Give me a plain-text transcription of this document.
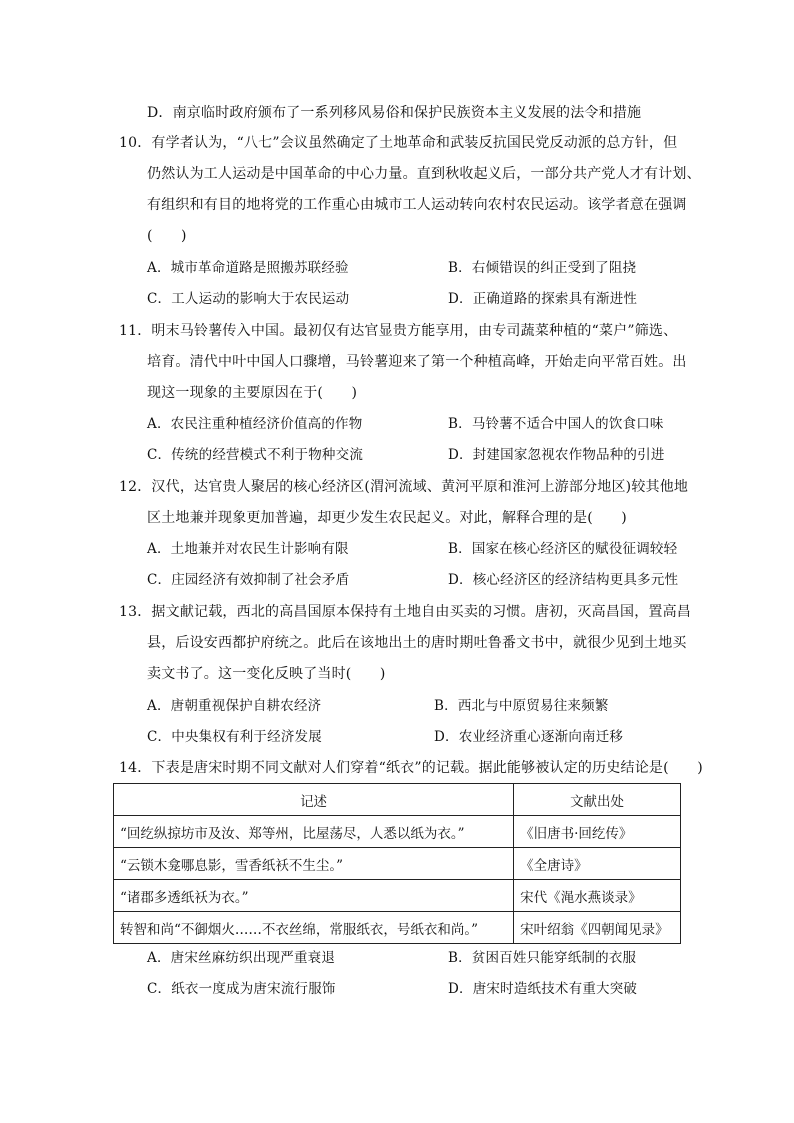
D．南京临时政府颁布了一系列移风易俗和保护民族资本主义发展的法令和措施
10．有学者认为，“八七”会议虽然确定了土地革命和武装反抗国民党反动派的总方针，但
仍然认为工人运动是中国革命的中心力量。直到秋收起义后，一部分共产党人才有计划、
有组织和有目的地将党的工作重心由城市工人运动转向农村农民运动。该学者意在强调
(　　)
A．城市革命道路是照搬苏联经验	B．右倾错误的纠正受到了阻挠
C．工人运动的影响大于农民运动	D．正确道路的探索具有渐进性
11．明末马铃薯传入中国。最初仅有达官显贵方能享用，由专司蔬菜种植的“菜户”筛选、
培育。清代中叶中国人口骤增，马铃薯迎来了第一个种植高峰，开始走向平常百姓。出
现这一现象的主要原因在于(　　)
A．农民注重种植经济价值高的作物	B．马铃薯不适合中国人的饮食口味
C．传统的经营模式不利于物种交流	D．封建国家忽视农作物品种的引进
12．汉代，达官贵人聚居的核心经济区(渭河流域、黄河平原和淮河上游部分地区)较其他地
区土地兼并现象更加普遍，却更少发生农民起义。对此，解释合理的是(　　)
A．土地兼并对农民生计影响有限	B．国家在核心经济区的赋役征调较轻
C．庄园经济有效抑制了社会矛盾	D．核心经济区的经济结构更具多元性
13．据文献记载，西北的高昌国原本保持有土地自由买卖的习惯。唐初，灭高昌国，置高昌
县，后设安西都护府统之。此后在该地出土的唐时期吐鲁番文书中，就很少见到土地买
卖文书了。这一变化反映了当时(　　)
A．唐朝重视保护自耕农经济	B．西北与中原贸易往来频繁
C．中央集权有利于经济发展	D．农业经济重心逐渐向南迁移
14．下表是唐宋时期不同文献对人们穿着“纸衣”的记载。据此能够被认定的历史结论是(　　)
记述	文献出处
“回纥纵掠坊市及汝、郑等州，比屋荡尽，人悉以纸为衣。”	《旧唐书·回纥传》
“云锁木龛哪息影，雪香纸袄不生尘。”	《全唐诗》
“诸郡多透纸袄为衣。”	宋代《渑水燕谈录》
转智和尚“不御烟火……不衣丝绵，常服纸衣，号纸衣和尚。”	宋叶绍翁《四朝闻见录》
A．唐宋丝麻纺织出现严重衰退	B．贫困百姓只能穿纸制的衣服
C．纸衣一度成为唐宋流行服饰	D．唐宋时造纸技术有重大突破
